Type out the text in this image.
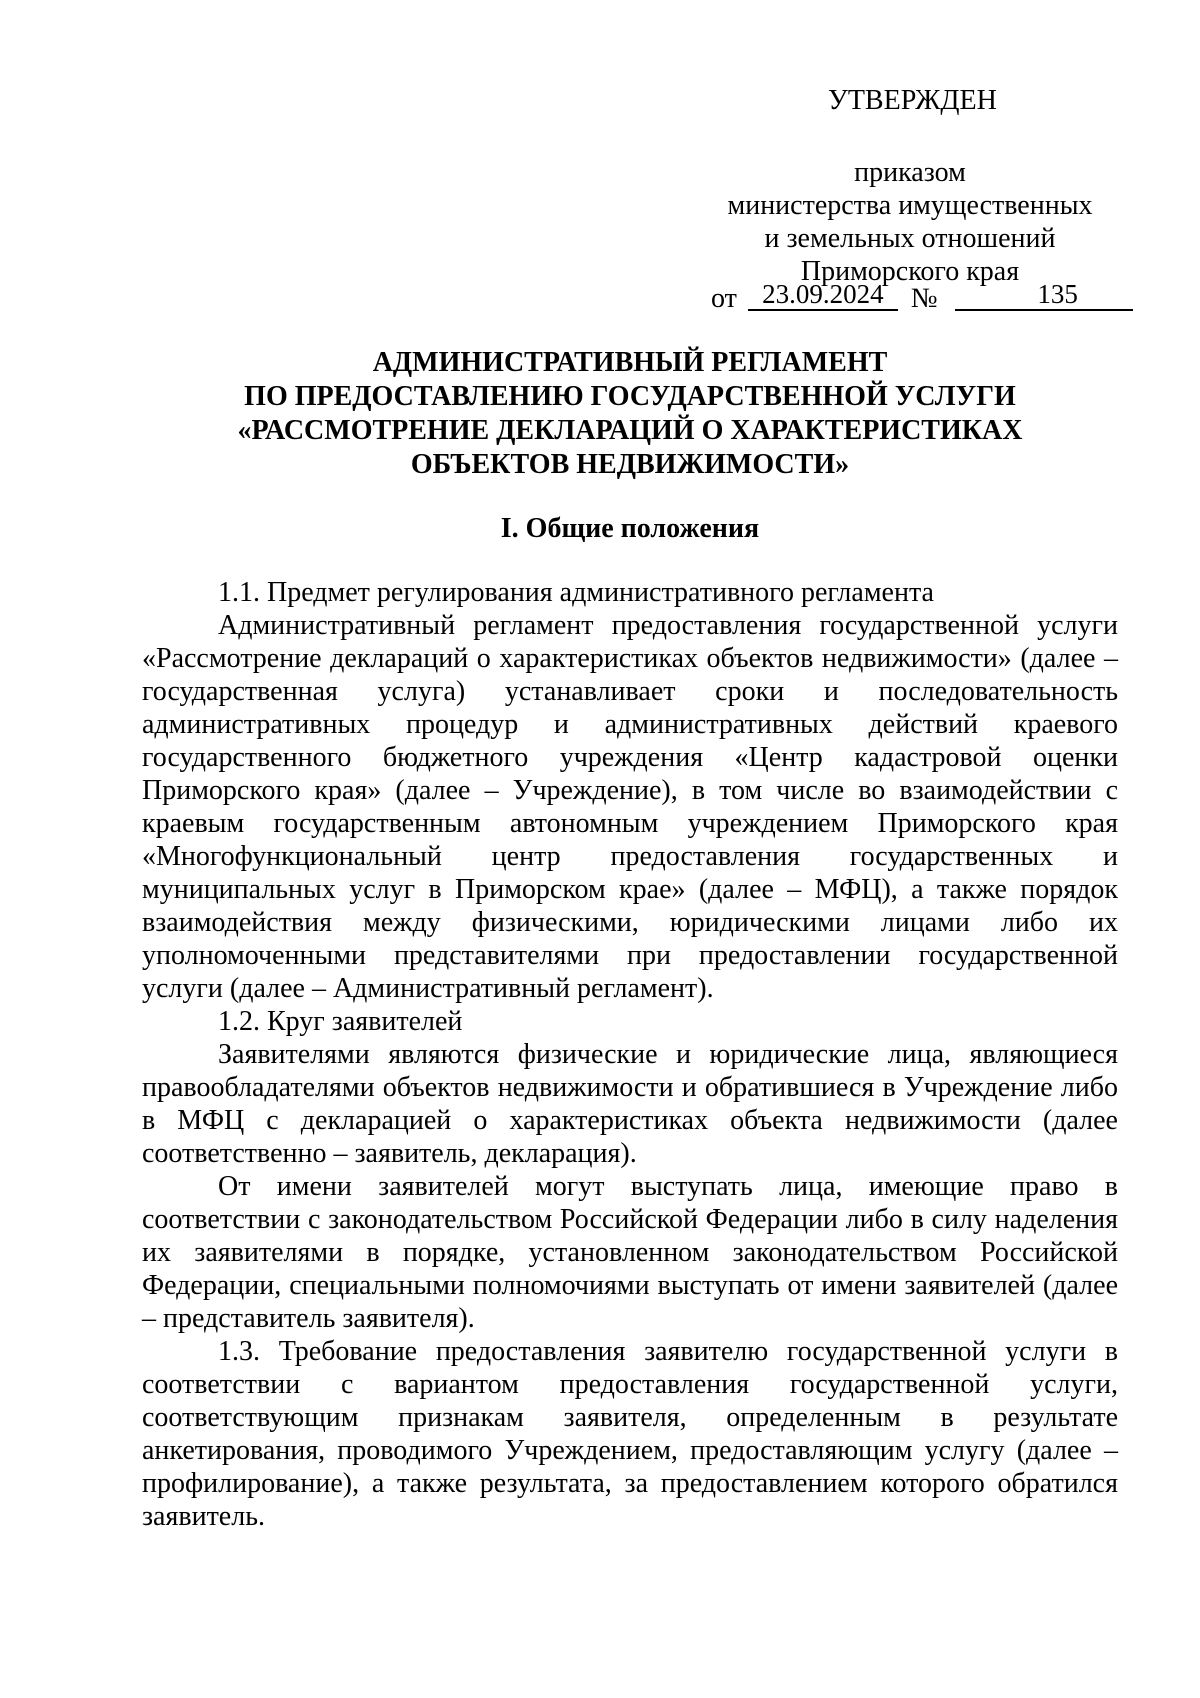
УТВЕРЖДЕН
приказом
министерства имущественных
и земельных отношений
Приморского края
от 23.09.2024 №	135
АДМИНИСТРАТИВНЫЙ РЕГЛАМЕНТ
ПО ПРЕДОСТАВЛЕНИЮ ГОСУДАРСТВЕННОЙ УСЛУГИ
«РАССМОТРЕНИЕ ДЕКЛАРАЦИЙ О ХАРАКТЕРИСТИКАХ
ОБЪЕКТОВ НЕДВИЖИМОСТИ»
I. Общие положения

1.1. Предмет регулирования административного регламента

Административный регламент предоставления государственной услуги «Рассмотрение деклараций о характеристиках объектов недвижимости» (далее – государственная услуга) устанавливает сроки и последовательность административных процедур и административных действий краевого государственного бюджетного учреждения «Центр кадастровой оценки Приморского края» (далее – Учреждение), в том числе во взаимодействии с краевым государственным автономным учреждением Приморского края «Многофункциональный центр предоставления государственных и муниципальных услуг в Приморском крае» (далее – МФЦ), а также порядок взаимодействия между физическими, юридическими лицами либо их уполномоченными представителями при предоставлении государственной услуги (далее – Административный регламент).

1.2. Круг заявителей

Заявителями являются физические и юридические лица, являющиеся правообладателями объектов недвижимости и обратившиеся в Учреждение либо в МФЦ с декларацией о характеристиках объекта недвижимости (далее соответственно – заявитель, декларация).

От имени заявителей могут выступать лица, имеющие право в соответствии с законодательством Российской Федерации либо в силу наделения их заявителями в порядке, установленном законодательством Российской Федерации, специальными полномочиями выступать от имени заявителей (далее – представитель заявителя).

1.3. Требование предоставления заявителю государственной услуги в соответствии с вариантом предоставления государственной услуги, соответствующим признакам заявителя, определенным в результате анкетирования, проводимого Учреждением, предоставляющим услугу (далее – профилирование), а также результата, за предоставлением которого обратился заявитель.
